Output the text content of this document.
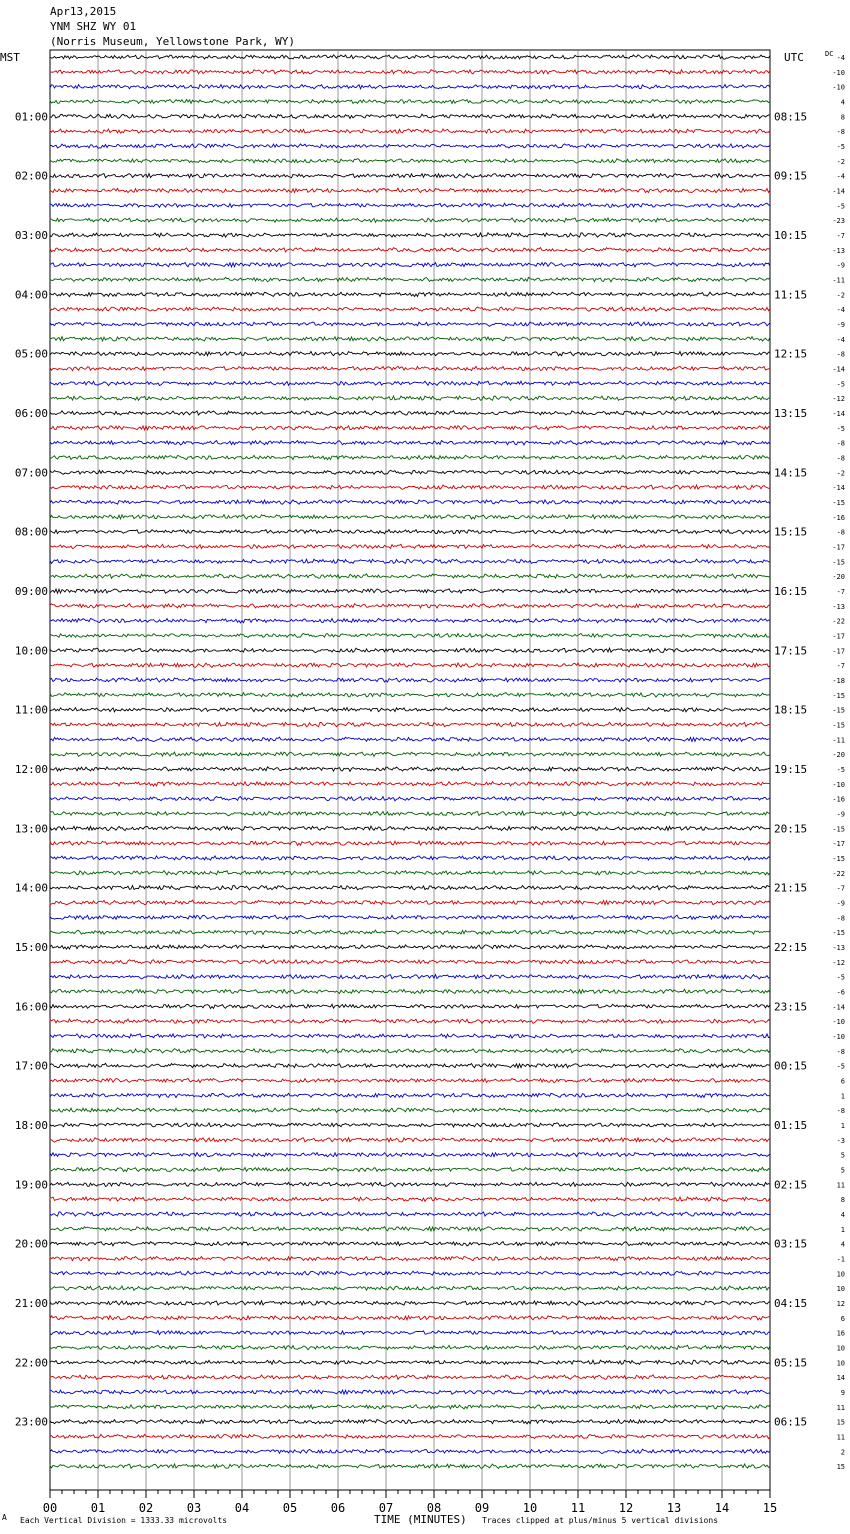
Apr13,2015
YNM SHZ WY 01
(Norris Museum, Yellowstone Park, WY)
00	01	02	03	04	05	06	07	08	09	10	11	12	13	14	15
01:00
02:00
03:00
04:00
05:00
06:00
07:00
08:00
09:00
10:00
11:00
12:00
13:00
14:00
15:00
16:00
17:00
18:00
19:00
20:00
21:00
22:00
23:00
08:15
09:15
10:15
11:15
12:15
13:15
14:15
15:15
16:15
17:15
18:15
19:15
20:15
21:15
22:15
23:15
00:15
01:15
02:15
03:15
04:15
05:15
06:15
-4
-10
-10
4
8
-8
-5
-2
-4
-14
-5
-23
-7
-13
-9
-11
-2
-4
-9
-4
-8
-14
-5
-12
-14
-5
-8
-8
-2
-14
-15
-16
-8
-17
-15
-20
-7
-13
-22
-17
-17
-7
-18
-15
-15
-15
-11
-20
-5
-10
-16
-9
-15
-17
-15
-22
-7
-9
-8
-15
-13
-12
-5
-6
-14
-10
-10
-8
-5
6
1
-8
1
-3
5
5
11
8
4
1
4
-1
10
10
12
6
16
10
10
14
9
11
15
11
2
15
MST	UTC	DC
A Each Vertical Division = 1333.33 microvolts	TIME (MINUTES) Traces clipped at plus/minus 5 vertical divisions
